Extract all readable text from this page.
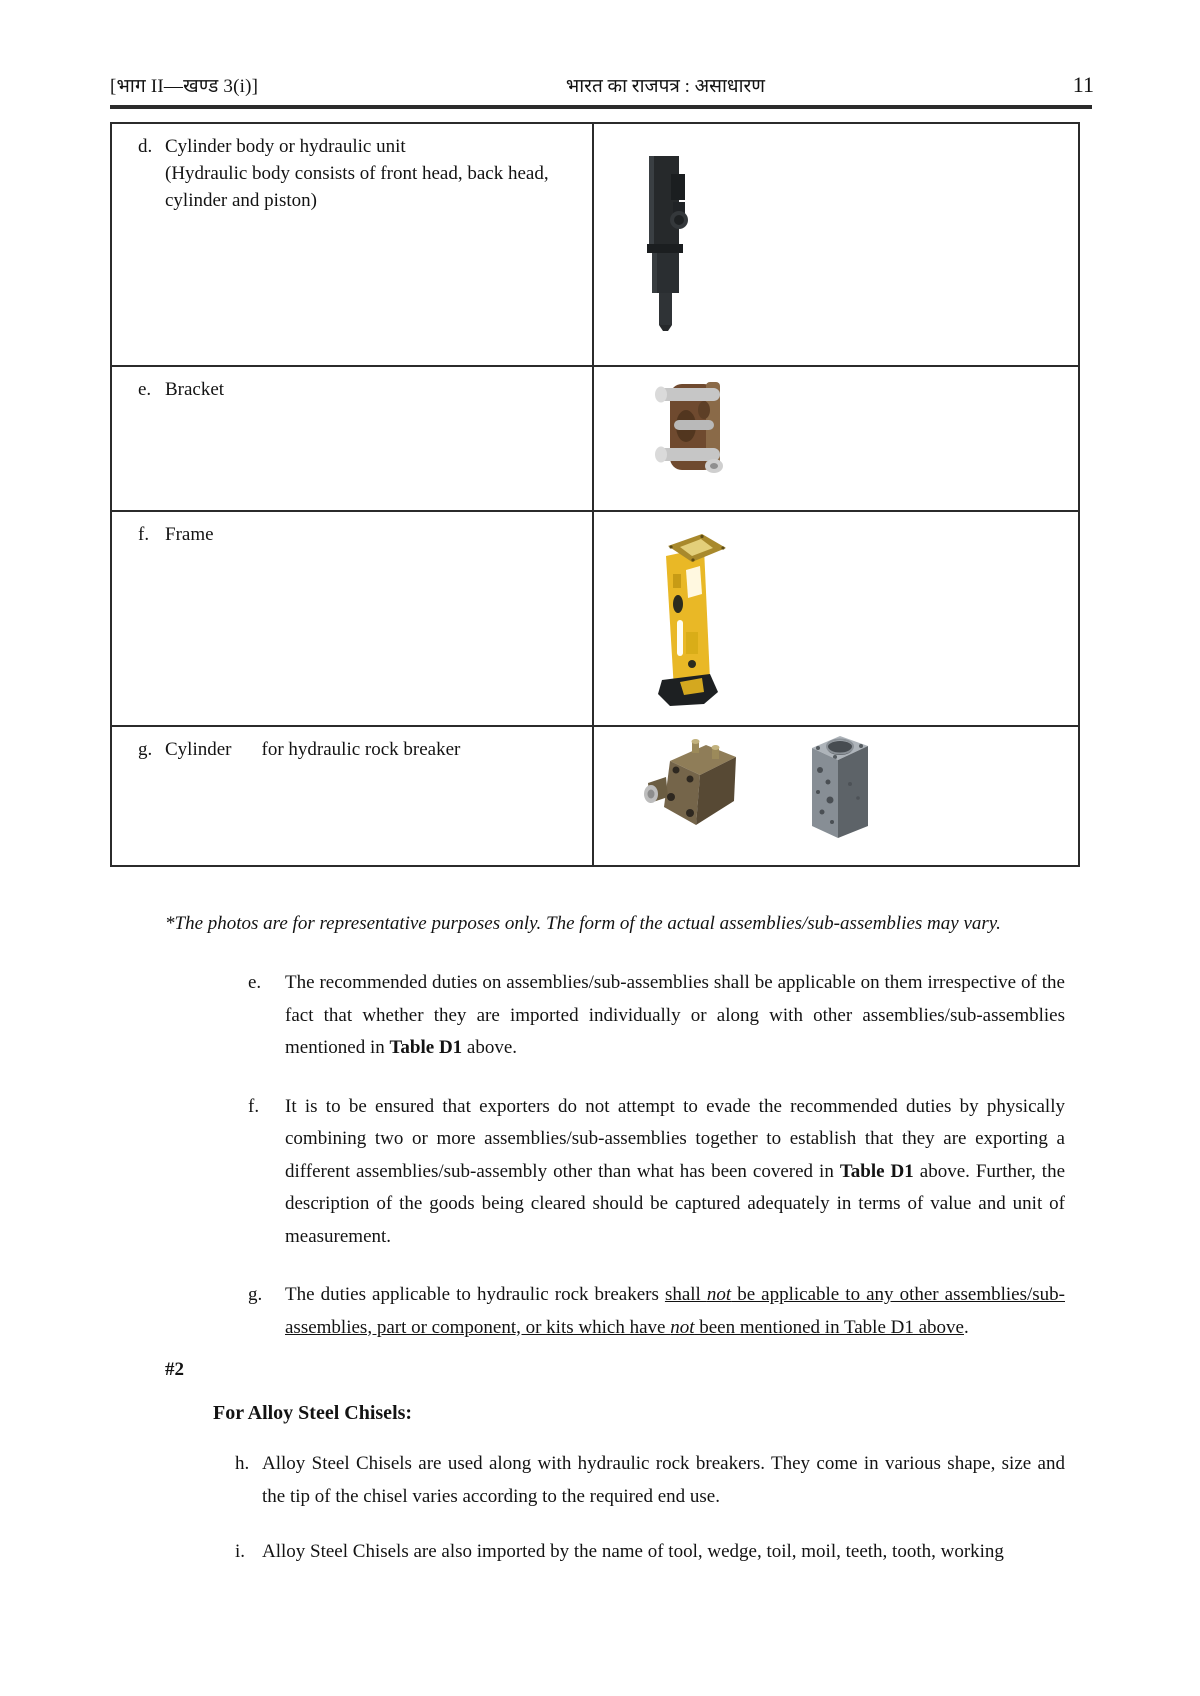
[भाग II—खण्ड 3(i)]	भारत का राजपत्र : असाधारण	11
d. Cylinder body or hydraulic unit
(Hydraulic body consists of front head, back head, cylinder and piston)
e. Bracket
f. Frame
g. Cylinder for hydraulic rock breaker
*The photos are for representative purposes only. The form of the actual assemblies/sub-assemblies may vary.
e.	The recommended duties on assemblies/sub-assemblies shall be applicable on them irrespective of the fact that whether they are imported individually or along with other assemblies/sub-assemblies mentioned in Table D1 above.
f.	It is to be ensured that exporters do not attempt to evade the recommended duties by physically combining two or more assemblies/sub-assemblies together to establish that they are exporting a different assemblies/sub-assembly other than what has been covered in Table D1 above. Further, the description of the goods being cleared should be captured adequately in terms of value and unit of measurement.
g.	The duties applicable to hydraulic rock breakers shall not be applicable to any other assemblies/sub-assemblies, part or component, or kits which have not been mentioned in Table D1 above.
#2
For Alloy Steel Chisels:
h. Alloy Steel Chisels are used along with hydraulic rock breakers. They come in various shape, size and the tip of the chisel varies according to the required end use.
i. Alloy Steel Chisels are also imported by the name of tool, wedge, toil, moil, teeth, tooth, working
